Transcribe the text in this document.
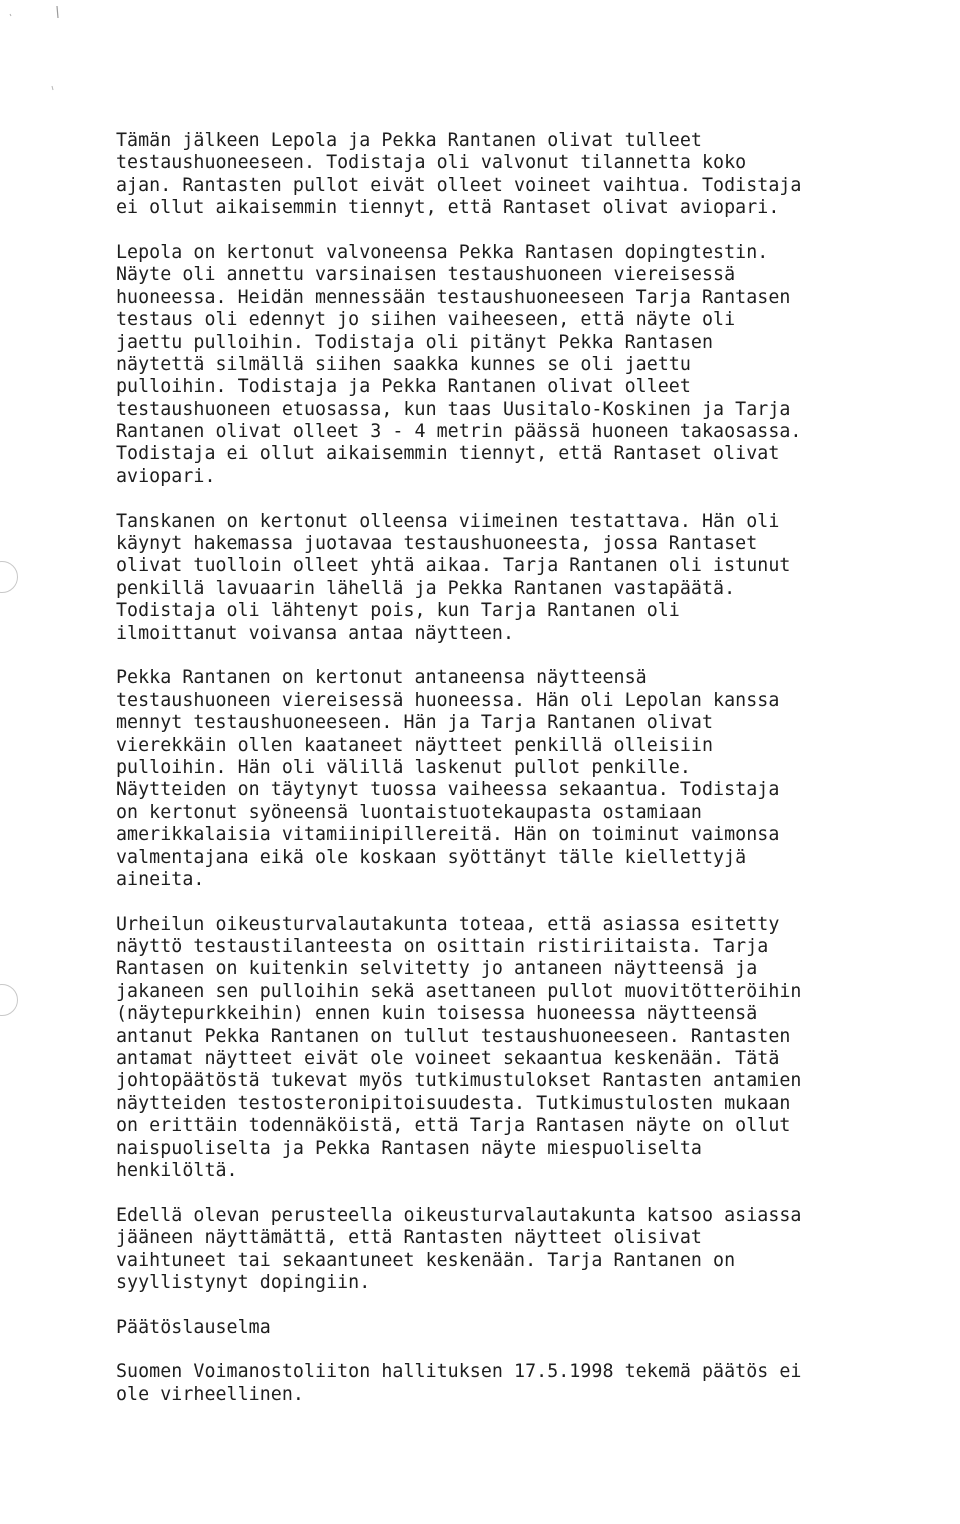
Tämän jälkeen Lepola ja Pekka Rantanen olivat tulleet
testaushuoneeseen. Todistaja oli valvonut tilannetta koko
ajan. Rantasten pullot eivät olleet voineet vaihtua. Todistaja
ei ollut aikaisemmin tiennyt, että Rantaset olivat aviopari.
Lepola on kertonut valvoneensa Pekka Rantasen dopingtestin.
Näyte oli annettu varsinaisen testaushuoneen viereisessä
huoneessa. Heidän mennessään testaushuoneeseen Tarja Rantasen
testaus oli edennyt jo siihen vaiheeseen, että näyte oli
jaettu pulloihin. Todistaja oli pitänyt Pekka Rantasen
näytettä silmällä siihen saakka kunnes se oli jaettu
pulloihin. Todistaja ja Pekka Rantanen olivat olleet
testaushuoneen etuosassa, kun taas Uusitalo-Koskinen ja Tarja
Rantanen olivat olleet 3 - 4 metrin päässä huoneen takaosassa.
Todistaja ei ollut aikaisemmin tiennyt, että Rantaset olivat
aviopari.
Tanskanen on kertonut olleensa viimeinen testattava. Hän oli
käynyt hakemassa juotavaa testaushuoneesta, jossa Rantaset
olivat tuolloin olleet yhtä aikaa. Tarja Rantanen oli istunut
penkillä lavuaarin lähellä ja Pekka Rantanen vastapäätä.
Todistaja oli lähtenyt pois, kun Tarja Rantanen oli
ilmoittanut voivansa antaa näytteen.
Pekka Rantanen on kertonut antaneensa näytteensä
testaushuoneen viereisessä huoneessa. Hän oli Lepolan kanssa
mennyt testaushuoneeseen. Hän ja Tarja Rantanen olivat
vierekkäin ollen kaataneet näytteet penkillä olleisiin
pulloihin. Hän oli välillä laskenut pullot penkille.
Näytteiden on täytynyt tuossa vaiheessa sekaantua. Todistaja
on kertonut syöneensä luontaistuotekaupasta ostamiaan
amerikkalaisia vitamiinipillereitä. Hän on toiminut vaimonsa
valmentajana eikä ole koskaan syöttänyt tälle kiellettyjä
aineita.
Urheilun oikeusturvalautakunta toteaa, että asiassa esitetty
näyttö testaustilanteesta on osittain ristiriitaista. Tarja
Rantasen on kuitenkin selvitetty jo antaneen näytteensä ja
jakaneen sen pulloihin sekä asettaneen pullot muovitötteröihin
(näytepurkkeihin) ennen kuin toisessa huoneessa näytteensä
antanut Pekka Rantanen on tullut testaushuoneeseen. Rantasten
antamat näytteet eivät ole voineet sekaantua keskenään. Tätä
johtopäätöstä tukevat myös tutkimustulokset Rantasten antamien
näytteiden testosteronipitoisuudesta. Tutkimustulosten mukaan
on erittäin todennäköistä, että Tarja Rantasen näyte on ollut
naispuoliselta ja Pekka Rantasen näyte miespuoliselta
henkilöltä.
Edellä olevan perusteella oikeusturvalautakunta katsoo asiassa
jääneen näyttämättä, että Rantasten näytteet olisivat
vaihtuneet tai sekaantuneet keskenään. Tarja Rantanen on
syyllistynyt dopingiin.
Päätöslauselma
Suomen Voimanostoliiton hallituksen 17.5.1998 tekemä päätös ei
ole virheellinen.
